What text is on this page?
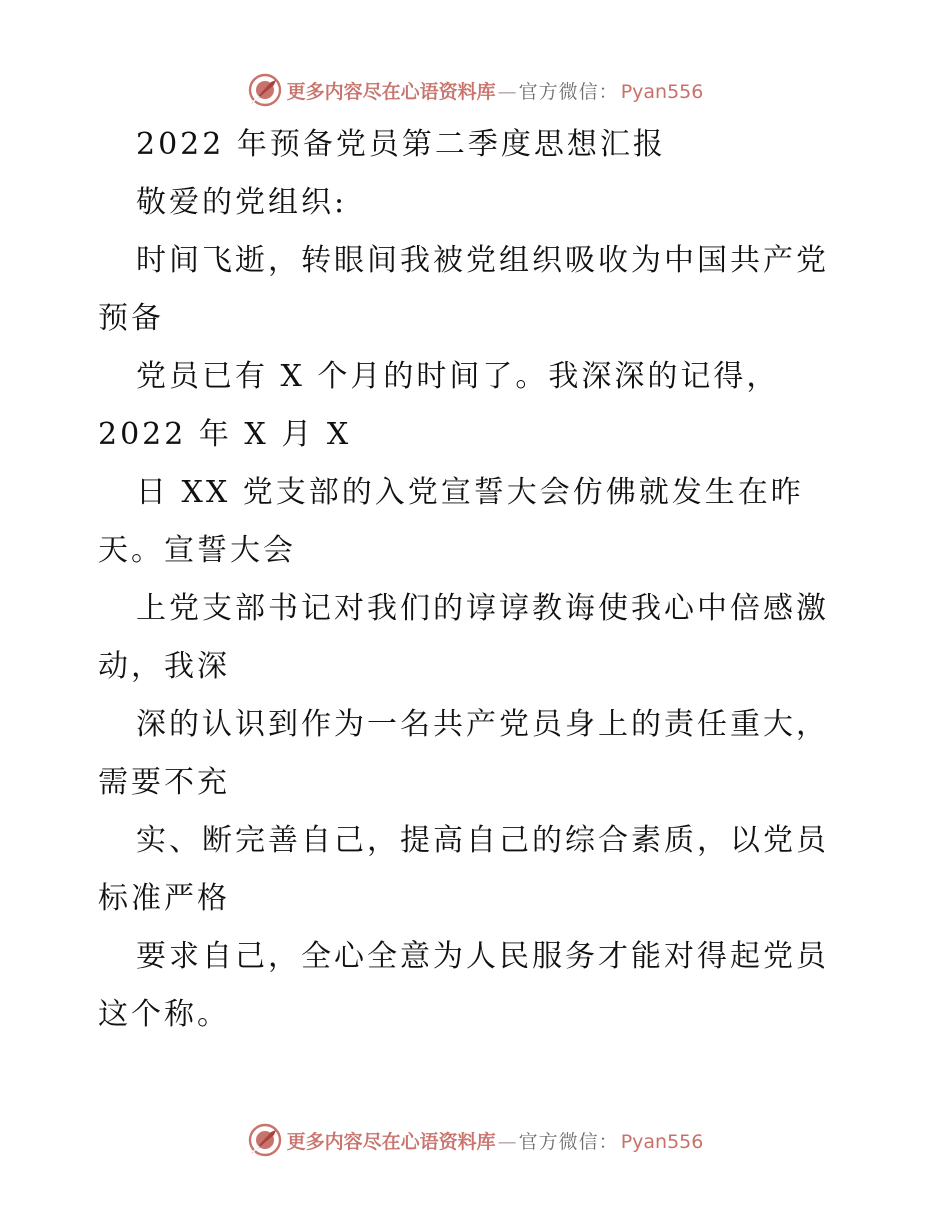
更多内容尽在心语资料库 — 官方微信： Pyan556
2022 年预备党员第二季度思想汇报
敬爱的党组织:
时间飞逝，转眼间我被党组织吸收为中国共产党
预备
党员已有 X 个月的时间了。我深深的记得，
2022 年 X 月 X
日 XX 党支部的入党宣誓大会仿佛就发生在昨
天。宣誓大会
上党支部书记对我们的谆谆教诲使我心中倍感激
动，我深
深的认识到作为一名共产党员身上的责任重大，
需要不充
实、断完善自己，提高自己的综合素质，以党员
标准严格
要求自己，全心全意为人民服务才能对得起党员
这个称。
更多内容尽在心语资料库 — 官方微信： Pyan556
